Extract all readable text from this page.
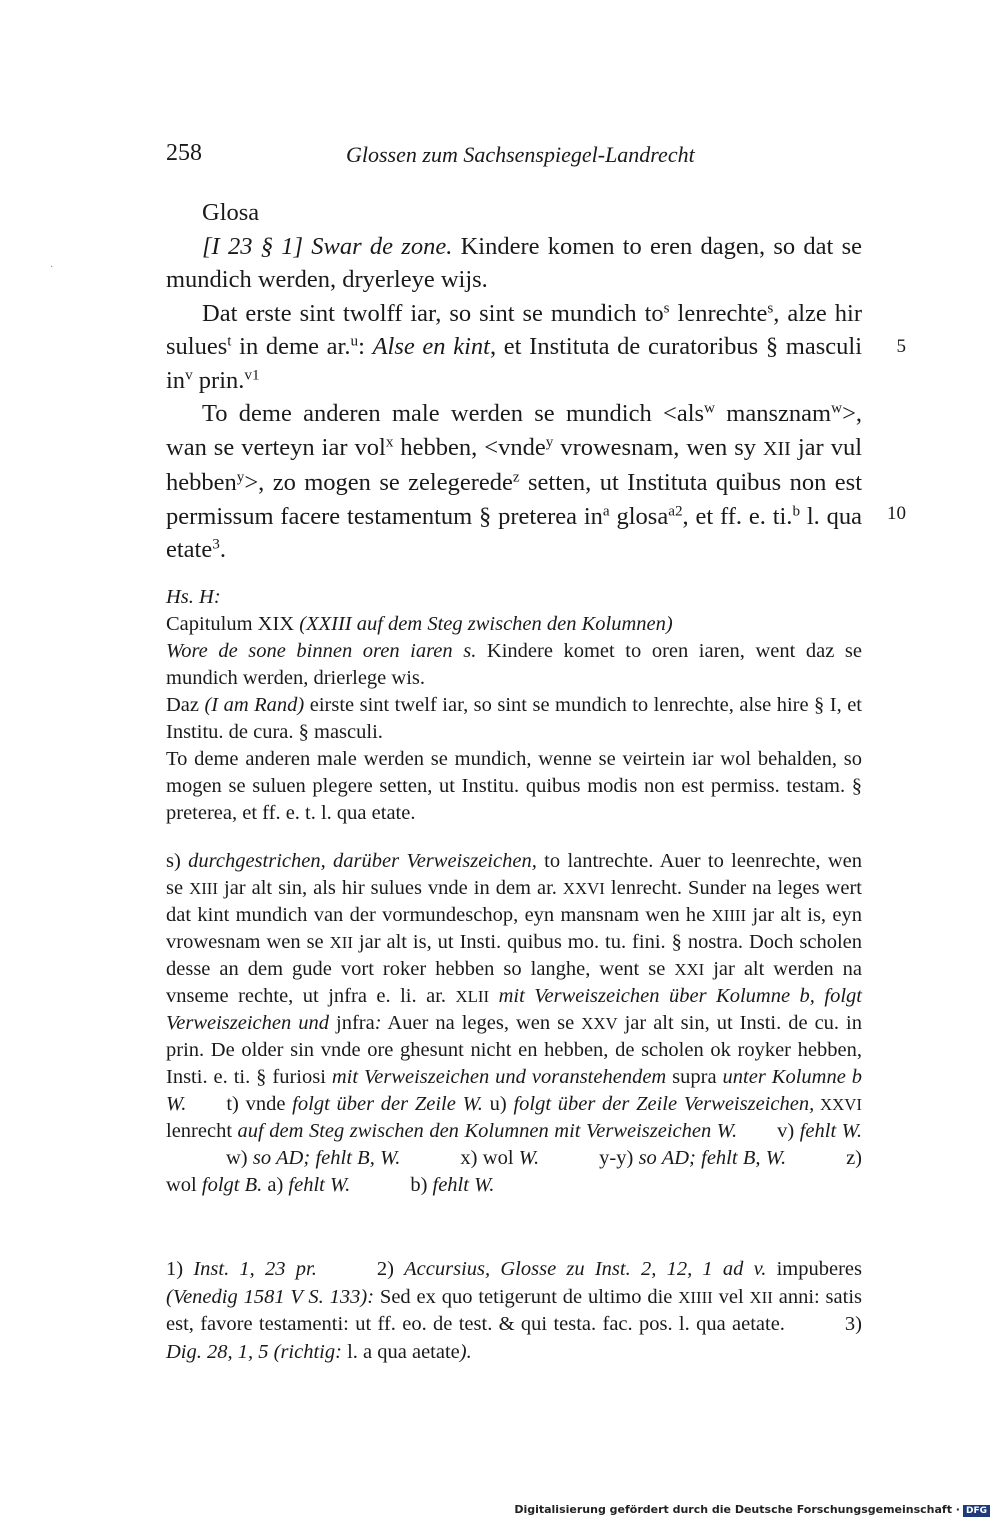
258	Glossen zum Sachsenspiegel-Landrecht
·

Glosa

[I 23 § 1] Swar de zone. Kindere komen to eren dagen, so dat se mundich werden, dryerleye wijs.

Dat erste sint twolff iar, so sint se mundich $to^s$ lenrechte$^s$, alze hir sulues$^t$ in deme ar.$^u$: Alse en kint, et Instituta de curatoribus § masculi $in^v$ prin.$^{v1}$
5

To deme anderen male werden se mundich <als$^w$ mansznam$^w$>, wan se verteyn iar vol$^x$ hebben, <vnde$^y$ vrowesnam, wen sy XII jar vul hebben$^y$>, zo mogen se zelegerede$^z$ setten, ut Instituta quibus non est permissum facere testamentum § preterea $in^a$ glosa$^{a2}$, et ff. e. ti.$^b$ l. qua etate$^3$.
10

Hs. H:

Capitulum XIX (XXIII auf dem Steg zwischen den Kolumnen)

Wore de sone binnen oren iaren s. Kindere komet to oren iaren, went daz se mundich werden, drierlege wis.

Daz (I am Rand) eirste sint twelf iar, so sint se mundich to lenrechte, alse hire § I, et Institu. de cura. § masculi.

To deme anderen male werden se mundich, wenne se veirtein iar wol behalden, so mogen se suluen plegere setten, ut Institu. quibus modis non est permiss. testam. § preterea, et ff. e. t. l. qua etate.

s) durchgestrichen, darüber Verweiszeichen, to lantrechte. Auer to leenrechte, wen se XIII jar alt sin, als hir sulues vnde in dem ar. XXVI lenrecht. Sunder na leges wert dat kint mundich van der vormundeschop, eyn mansnam wen he XIIII jar alt is, eyn vrowesnam wen se XII jar alt is, ut Insti. quibus mo. tu. fini. § nostra. Doch scholen desse an dem gude vort roker hebben so langhe, went se XXI jar alt werden na vnseme rechte, ut jnfra e. li. ar. XLII mit Verweiszeichen über Kolumne b, folgt Verweiszeichen und jnfra: Auer na leges, wen se XXV jar alt sin, ut Insti. de cu. in prin. De older sin vnde ore ghesunt nicht en hebben, de scholen ok royker hebben, Insti. e. ti. § furiosi mit Verweiszeichen und voranstehendem supra unter Kolumne b W. t) vnde folgt über der Zeile W. u) folgt über der Zeile Verweiszeichen, XXVI lenrecht auf dem Steg zwischen den Kolumnen mit Verweiszeichen W. v) fehlt W.w) so AD; fehlt B, W.	x) wol W.	y-y) so AD; fehlt B, W.	z) wol folgt B. a) fehlt W.	b) fehlt W.

1) Inst. 1, 23 pr.	2) Accursius, Glosse zu Inst. 2, 12, 1 ad v. impuberes (Venedig 1581 V S. 133): Sed ex quo tetigerunt de ultimo die XIIII vel XII anni: satis est, favore testamenti: ut ff. eo. de test. & qui testa. fac. pos. l. qua aetate.	3) Dig. 28, 1, 5 (richtig: l. a qua aetate).

Digitalisierung gefördert durch die Deutsche Forschungsgemeinschaft · DFG
